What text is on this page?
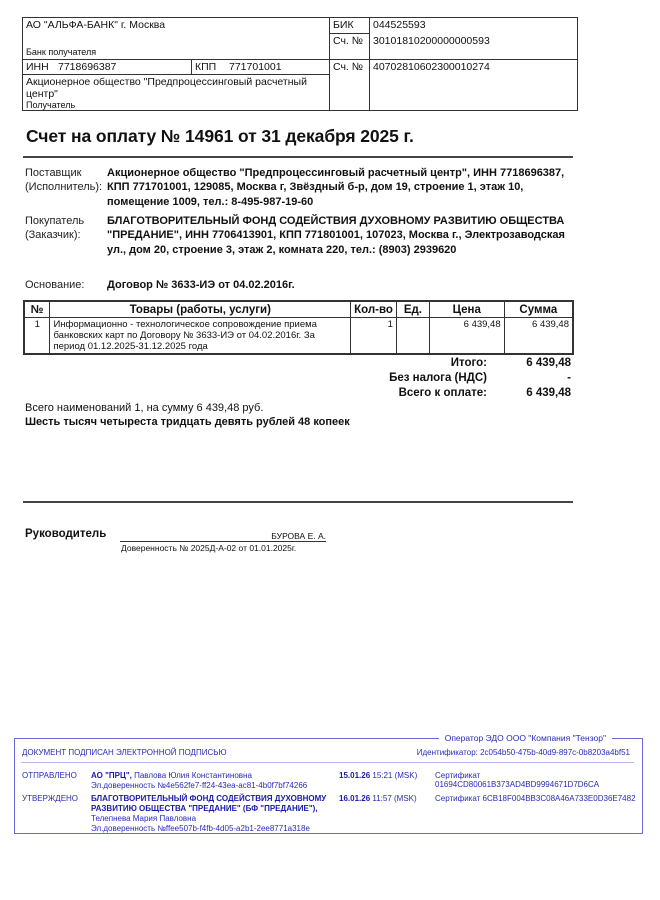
АО "АЛЬФА-БАНК" г. Москва
Банк получателя
БИК 044525593
Сч. № 30101810200000000593
ИНН 7718696387	КПП 771701001	Сч. № 40702810602300010274
Акционерное общество "Предпроцессинговый расчетный центр"
Получатель
Счет на оплату № 14961 от 31 декабря 2025 г.
Поставщик
(Исполнитель):
Акционерное общество "Предпроцессинговый расчетный центр", ИНН 7718696387, КПП 771701001, 129085, Москва г, Звёздный б-р, дом 19, строение 1, этаж 10, помещение 1009, тел.: 8-495-987-19-60
Покупатель
(Заказчик):
БЛАГОТВОРИТЕЛЬНЫЙ ФОНД СОДЕЙСТВИЯ ДУХОВНОМУ РАЗВИТИЮ ОБЩЕСТВА "ПРЕДАНИЕ", ИНН 7706413901, КПП 771801001, 107023, Москва г., Электрозаводская ул., дом 20, строение 3, этаж 2, комната 220, тел.: (8903) 2939620
Основание: Договор № 3633-ИЭ от 04.02.2016г.
№	Товары (работы, услуги)	Кол-во	Ед.	Цена	Сумма
1	Информационно - технологическое сопровождение приема банковских карт по Договору № 3633-ИЭ от 04.02.2016г. За период 01.12.2025-31.12.2025 года	1		6 439,48	6 439,48
Итого:	6 439,48
Без налога (НДС)	-
Всего к оплате:	6 439,48
Всего наименований 1, на сумму 6 439,48 руб.
Шесть тысяч четыреста тридцать девять рублей 48 копеек
Руководитель	БУРОВА Е. А.
Доверенность № 2025Д-А-02 от 01.01.2025г.
Оператор ЭДО ООО "Компания "Тензор"
ДОКУМЕНТ ПОДПИСАН ЭЛЕКТРОННОЙ ПОДПИСЬЮ	Идентификатор: 2c054b50-475b-40d9-897c-0b8203a4bf51
ОТПРАВЛЕНО АО "ПРЦ", Павлова Юлия Константиновна
Эл.доверенность №4e562fe7-ff24-43ea-ac81-4b0f7bf74266
15.01.26 15:21 (MSK) Сертификат 01694CD80061B373AD4BD9994671D7D6CA
УТВЕРЖДЕНО БЛАГОТВОРИТЕЛЬНЫЙ ФОНД СОДЕЙСТВИЯ ДУХОВНОМУ РАЗВИТИЮ ОБЩЕСТВА "ПРЕДАНИЕ" (БФ "ПРЕДАНИЕ"), Телепнева Мария Павловна
Эл.доверенность №ffee507b-f4fb-4d05-a2b1-2ee8771a318e
16.01.26 11:57 (MSK) Сертификат 6CB18F004BB3C08A46A733E0D36E7482
